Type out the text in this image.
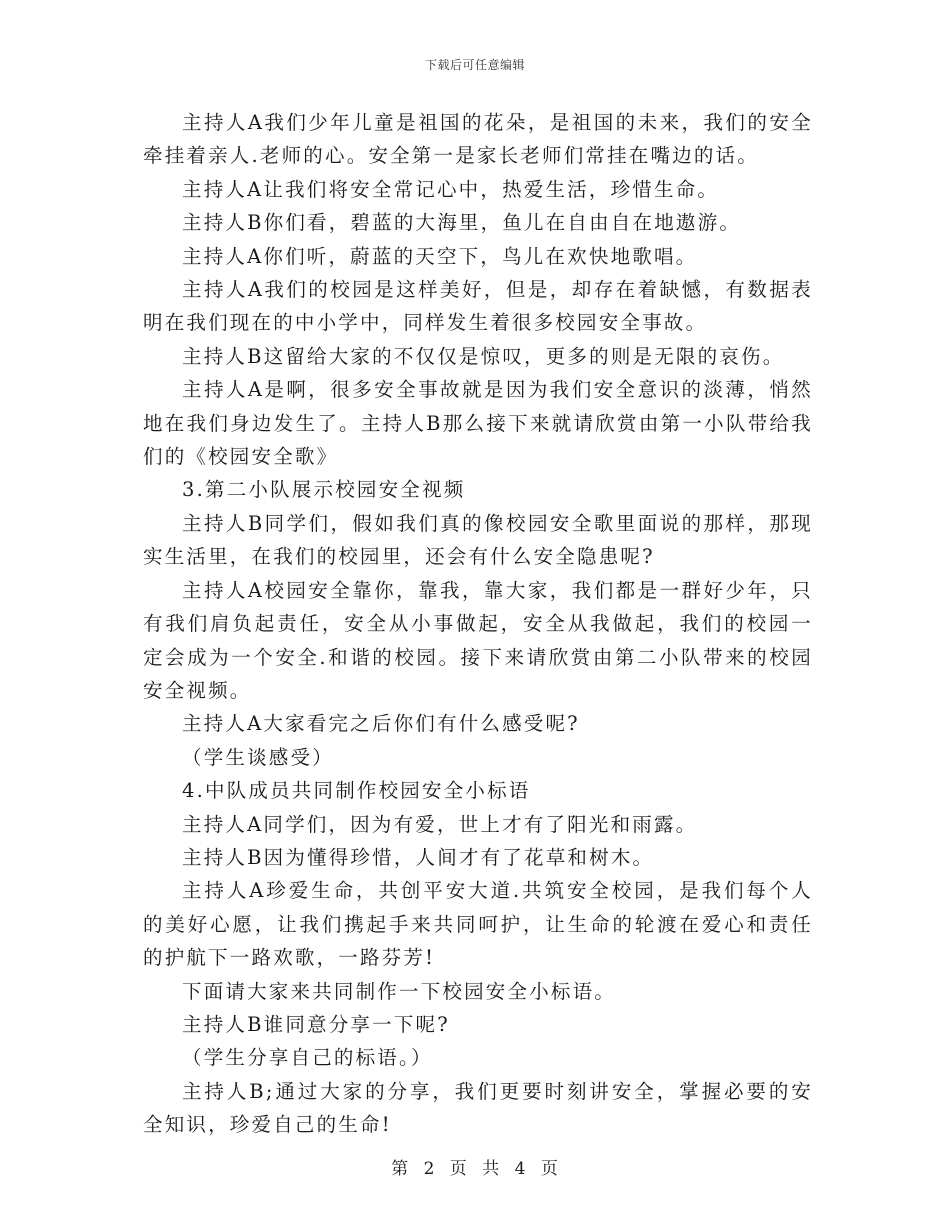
下载后可任意编辑

主持人A我们少年儿童是祖国的花朵，是祖国的未来，我们的安全牵挂着亲人.老师的心。安全第一是家长老师们常挂在嘴边的话。

主持人A让我们将安全常记心中，热爱生活，珍惜生命。

主持人B你们看，碧蓝的大海里，鱼儿在自由自在地遨游。

主持人A你们听，蔚蓝的天空下，鸟儿在欢快地歌唱。

主持人A我们的校园是这样美好，但是，却存在着缺憾，有数据表明在我们现在的中小学中，同样发生着很多校园安全事故。

主持人B这留给大家的不仅仅是惊叹，更多的则是无限的哀伤。

主持人A是啊，很多安全事故就是因为我们安全意识的淡薄，悄然地在我们身边发生了。主持人B那么接下来就请欣赏由第一小队带给我们的《校园安全歌》

3.第二小队展示校园安全视频

主持人B同学们，假如我们真的像校园安全歌里面说的那样，那现实生活里，在我们的校园里，还会有什么安全隐患呢?

主持人A校园安全靠你，靠我，靠大家，我们都是一群好少年，只有我们肩负起责任，安全从小事做起，安全从我做起，我们的校园一定会成为一个安全.和谐的校园。接下来请欣赏由第二小队带来的校园安全视频。

主持人A大家看完之后你们有什么感受呢?

（学生谈感受）

4.中队成员共同制作校园安全小标语

主持人A同学们，因为有爱，世上才有了阳光和雨露。

主持人B因为懂得珍惜，人间才有了花草和树木。

主持人A珍爱生命，共创平安大道.共筑安全校园，是我们每个人的美好心愿，让我们携起手来共同呵护，让生命的轮渡在爱心和责任的护航下一路欢歌，一路芬芳!

下面请大家来共同制作一下校园安全小标语。

主持人B谁同意分享一下呢?

（学生分享自己的标语。）

主持人B;通过大家的分享，我们更要时刻讲安全，掌握必要的安全知识，珍爱自己的生命!

第 2 页 共 4 页
